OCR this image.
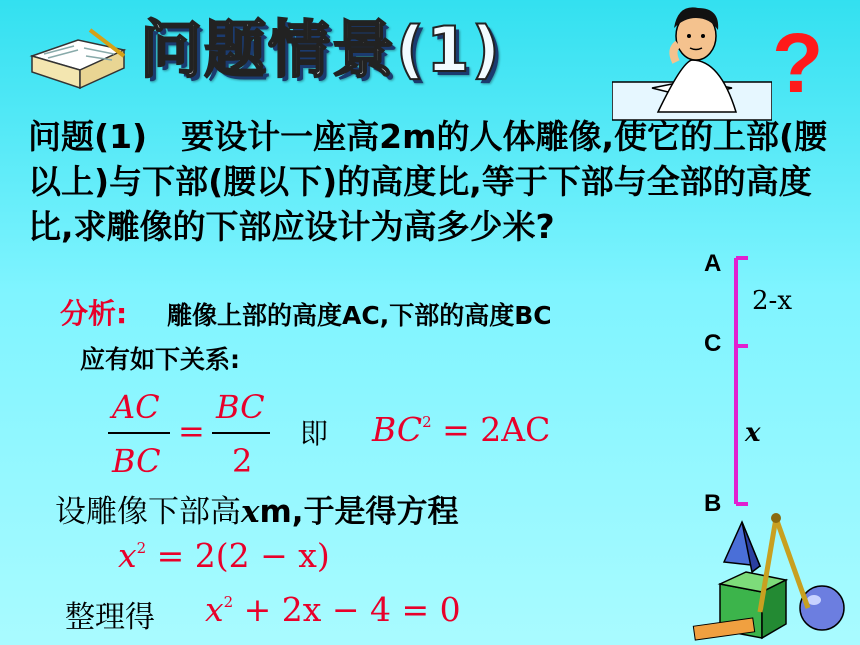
问题情景(1)	?
问题(1) 要设计一座高2m的人体雕像,使它的上部(腰以上)与下部(腰以下)的高度比,等于下部与全部的高度比,求雕像的下部应设计为高多少米?
分析: 雕像上部的高度AC,下部的高度BC
应有如下关系:
AC
BC
=
BC
2
即 $BC^2 = 2AC$
设雕像下部高xm,于是得方程
$x^2 = 2(2 - x)$
整理得 $x^2 + 2x - 4 = 0$
A
C
B
2-x
x
